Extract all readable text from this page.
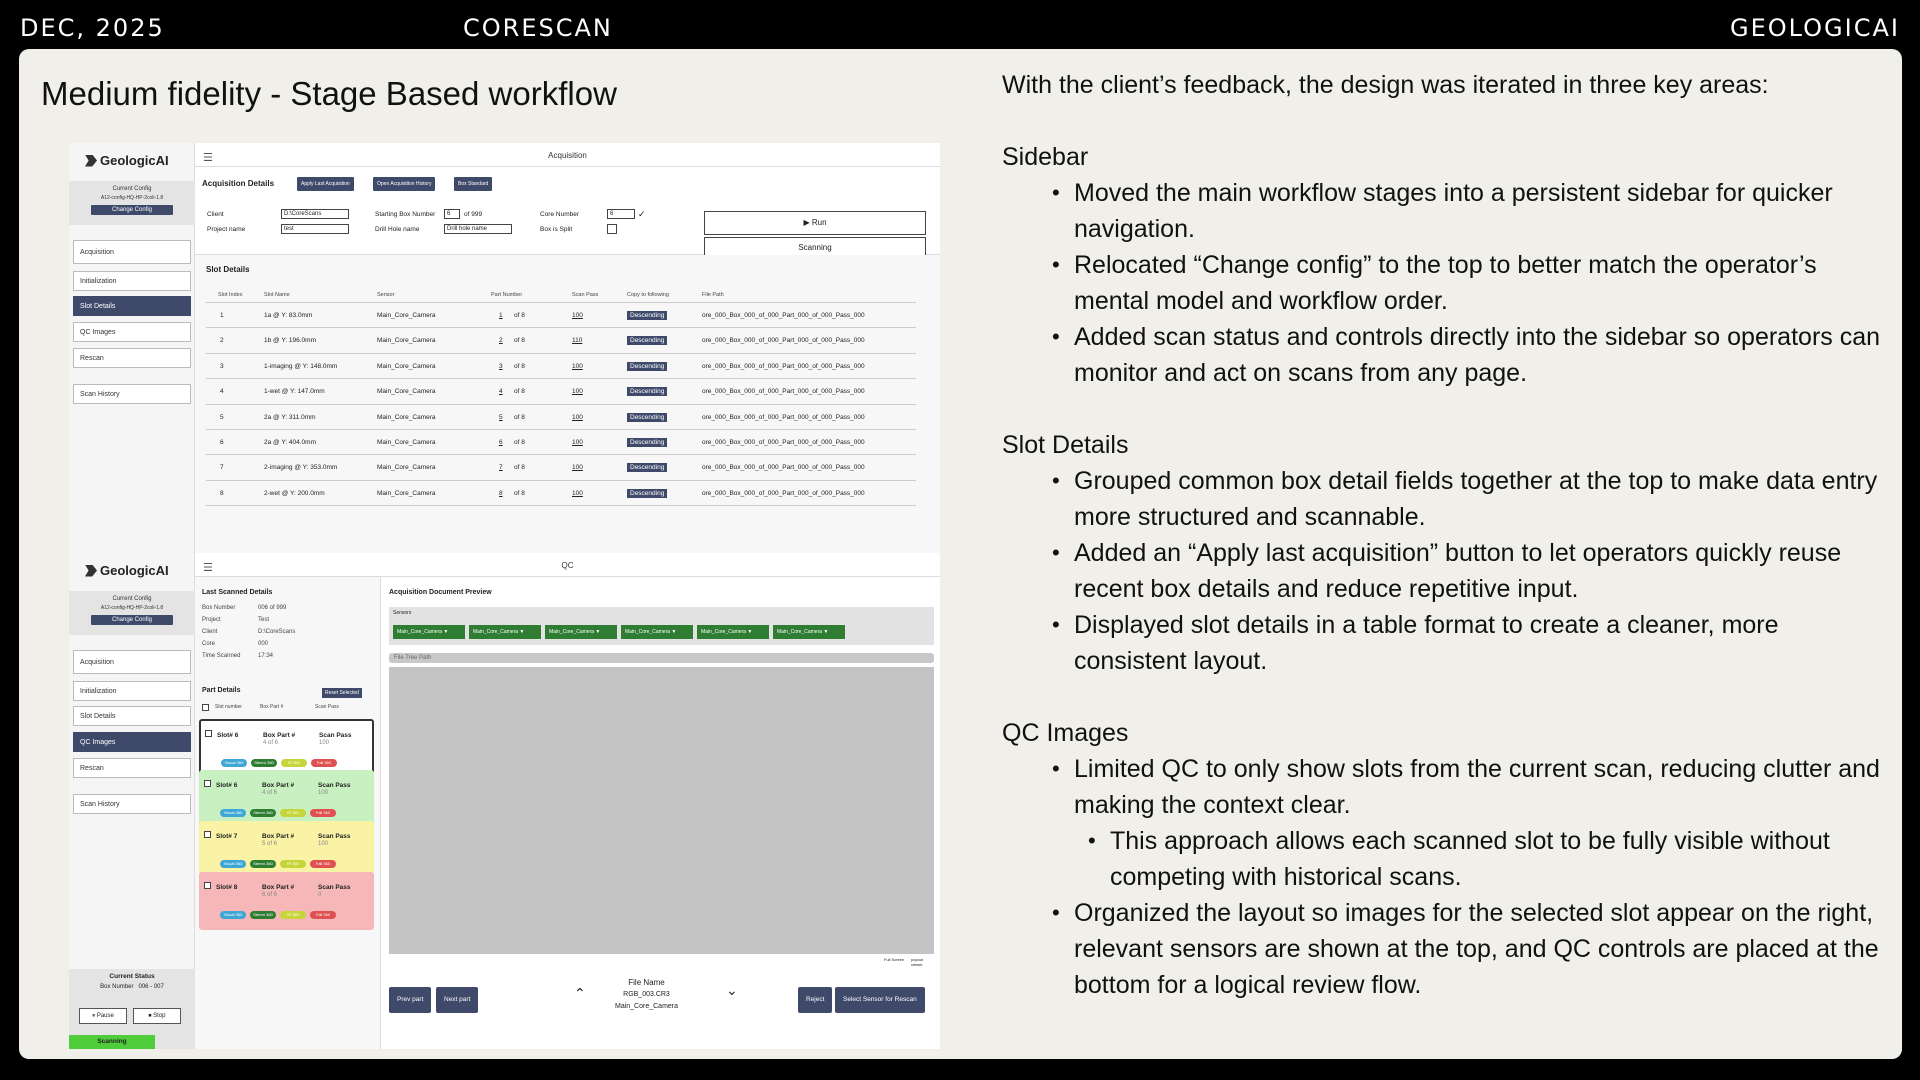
DEC, 2025	CORESCAN	GEOLOGICAI
Medium fidelity - Stage Based workflow
GeologicAI
Current Config
A12-config-HQ-HP-2coli-1.8
Change Config
Acquisition
Initialization
Slot Details
QC Images
Rescan
Scan History
☰	Acquisition
Acquisition Details	Apply Last Acquisition	Open Acquisition History	Box Standard
Client	D:\CoreScans
Project name	test
Starting Box Number	6	of 999
Drill Hole name	Drill hole name
Core Number	6	✓
Box is Split
▶ Run
Scanning
Slot Details
Slot Index	Slot Name	Sensor	Part Number	Scan Pass	Copy to following	File Path
1	1a @ Y: 83.0mm	Main_Core_Camera	1 of 8	100	Descending	ore_000_Box_000_of_000_Part_000_of_000_Pass_000
2	1b @ Y: 196.0mm	Main_Core_Camera	2 of 8	110	Descending	ore_000_Box_000_of_000_Part_000_of_000_Pass_000
3	1-imaging @ Y: 148.0mm	Main_Core_Camera	3 of 8	100	Descending	ore_000_Box_000_of_000_Part_000_of_000_Pass_000
4	1-wet @ Y: 147.0mm	Main_Core_Camera	4 of 8	100	Descending	ore_000_Box_000_of_000_Part_000_of_000_Pass_000
5	2a @ Y: 311.0mm	Main_Core_Camera	5 of 8	100	Descending	ore_000_Box_000_of_000_Part_000_of_000_Pass_000
6	2a @ Y: 404.0mm	Main_Core_Camera	6 of 8	100	Descending	ore_000_Box_000_of_000_Part_000_of_000_Pass_000
7	2-imaging @ Y: 353.0mm	Main_Core_Camera	7 of 8	100	Descending	ore_000_Box_000_of_000_Part_000_of_000_Pass_000
8	2-wet @ Y: 200.0mm	Main_Core_Camera	8 of 8	100	Descending	ore_000_Box_000_of_000_Part_000_of_000_Pass_000
GeologicAI
Current Config
A12-config-HQ-HP-2coli-1.8
Change Config
Acquisition
Initialization
Slot Details
QC Images
Rescan
Scan History
Current Status
Box Number 006 - 007
⏸ Pause	⏹ Stop
Scanning
☰	QC
Last Scanned Details
Box Number	006 of 999
Project	Test
Client	D:\CoreScans
Core	000
Time Scanned	17:34
Part Details	Reset Selected
Slot number	Box Part #	Scan Pass
Slot# 6	Box Part #
4 of 6
Scan Pass
100
Visual 360	Stereo 360	IR 360	Fall 360
Slot# 6	Box Part #
4 of 6
Scan Pass
100
Visual 360	Stereo 360	IR 360	Fall 360
Slot# 7	Box Part #
5 of 6
Scan Pass
100
Visual 360	Stereo 360	IR 360	Fall 360
Slot# 8	Box Part #
6 of 6
Scan Pass
0
Visual 360	Stereo 360	IR 360	Fall 360
Acquisition Document Preview
Sensors
Main_Core_Camera ▼	Main_Core_Camera ▼	Main_Core_Camera ▼	Main_Core_Camera ▼	Main_Core_Camera ▼	Main_Core_Camera ▼
File Tree Path
Full Screen	popout viewer
Prev part	Next part	⌃
File Name
RGB_003.CR3
Main_Core_Camera
⌄
Reject	Select Sensor for Rescan
With the client’s feedback, the design was iterated in three key areas:
Sidebar
• Moved the main workflow stages into a persistent sidebar for quicker navigation.
• Relocated “Change config” to the top to better match the operator’s mental model and workflow order.
• Added scan status and controls directly into the sidebar so operators can monitor and act on scans from any page.
Slot Details
• Grouped common box detail fields together at the top to make data entry more structured and scannable.
• Added an “Apply last acquisition” button to let operators quickly reuse recent box details and reduce repetitive input.
• Displayed slot details in a table format to create a cleaner, more consistent layout.
QC Images
• Limited QC to only show slots from the current scan, reducing clutter and making the context clear.
• This approach allows each scanned slot to be fully visible without competing with historical scans.
• Organized the layout so images for the selected slot appear on the right, relevant sensors are shown at the top, and QC controls are placed at the bottom for a logical review flow.
